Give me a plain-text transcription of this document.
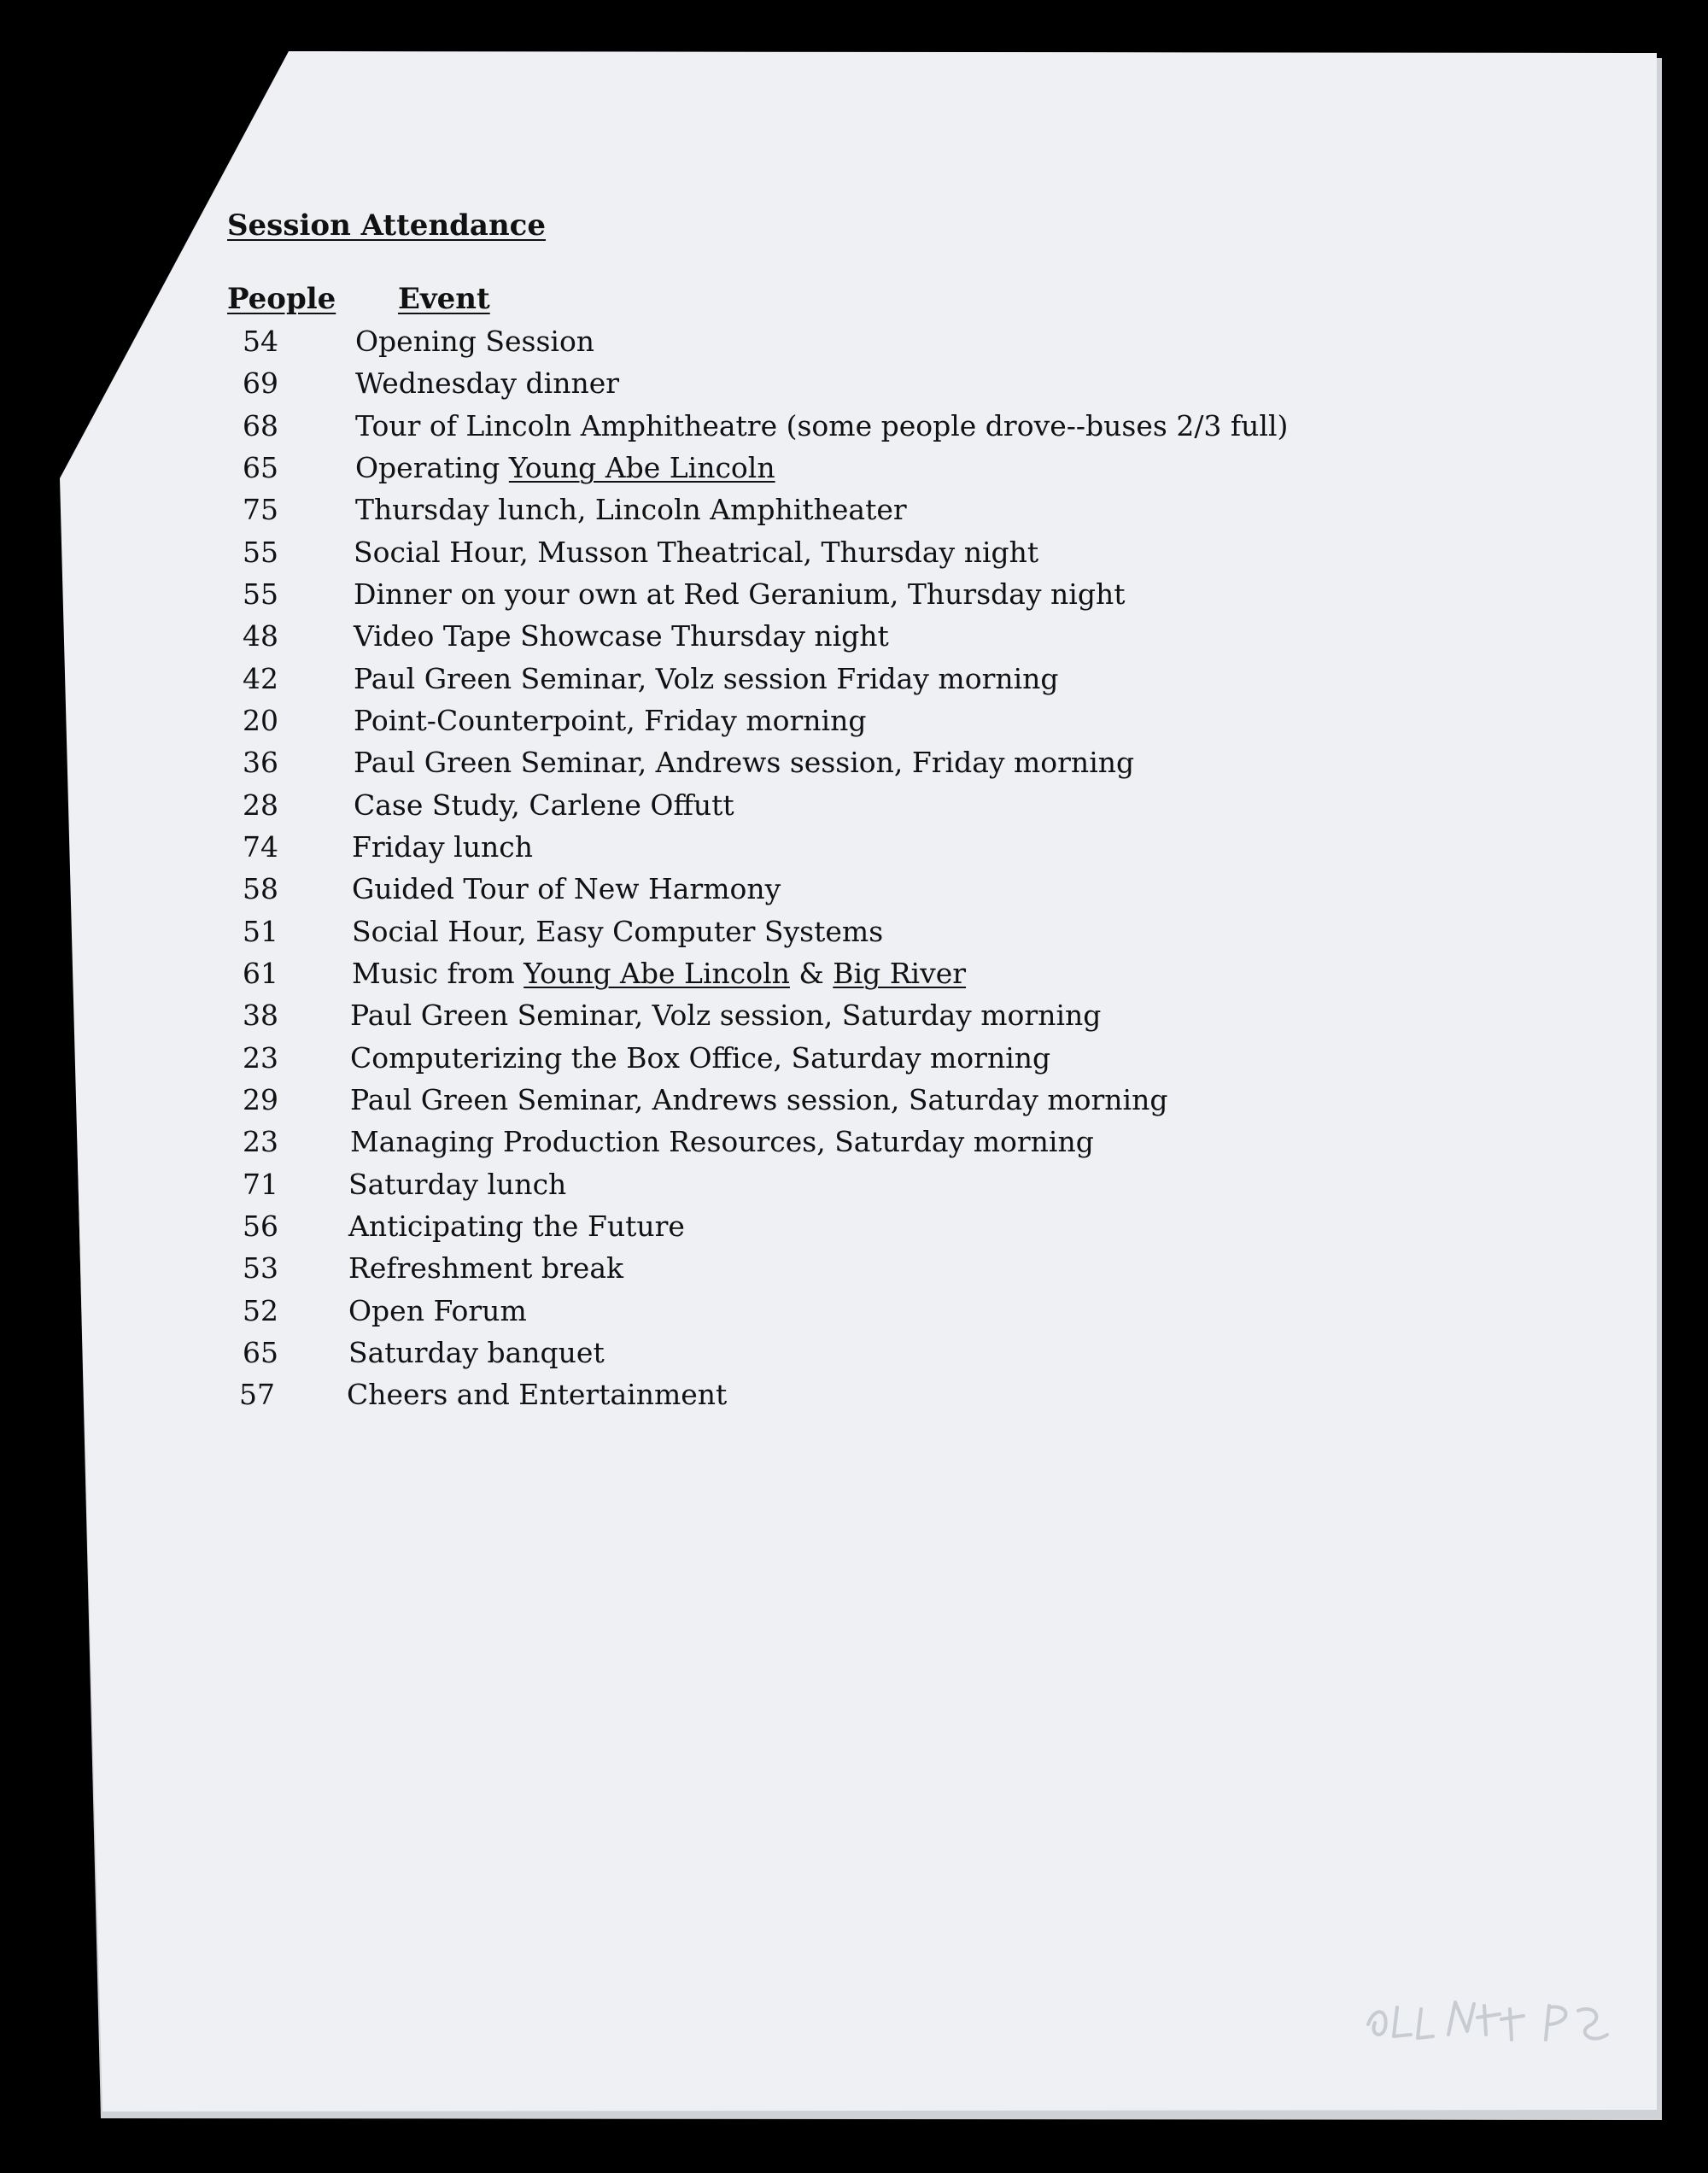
Session Attendance
People Event
54	Opening Session
69	Wednesday dinner
68	Tour of Lincoln Amphitheatre (some people drove--buses 2/3 full)
65	Operating Young Abe Lincoln
75	Thursday lunch, Lincoln Amphitheater
55	Social Hour, Musson Theatrical, Thursday night
55	Dinner on your own at Red Geranium, Thursday night
48	Video Tape Showcase Thursday night
42	Paul Green Seminar, Volz session Friday morning
20	Point-Counterpoint, Friday morning
36	Paul Green Seminar, Andrews session, Friday morning
28	Case Study, Carlene Offutt
74	Friday lunch
58	Guided Tour of New Harmony
51	Social Hour, Easy Computer Systems
61	Music from Young Abe Lincoln & Big River
38	Paul Green Seminar, Volz session, Saturday morning
23	Computerizing the Box Office, Saturday morning
29	Paul Green Seminar, Andrews session, Saturday morning
23	Managing Production Resources, Saturday morning
71 Saturday lunch
56 Anticipating the Future
53 Refreshment break
52 Open Forum
65 Saturday banquet
57	Cheers and Entertainment
